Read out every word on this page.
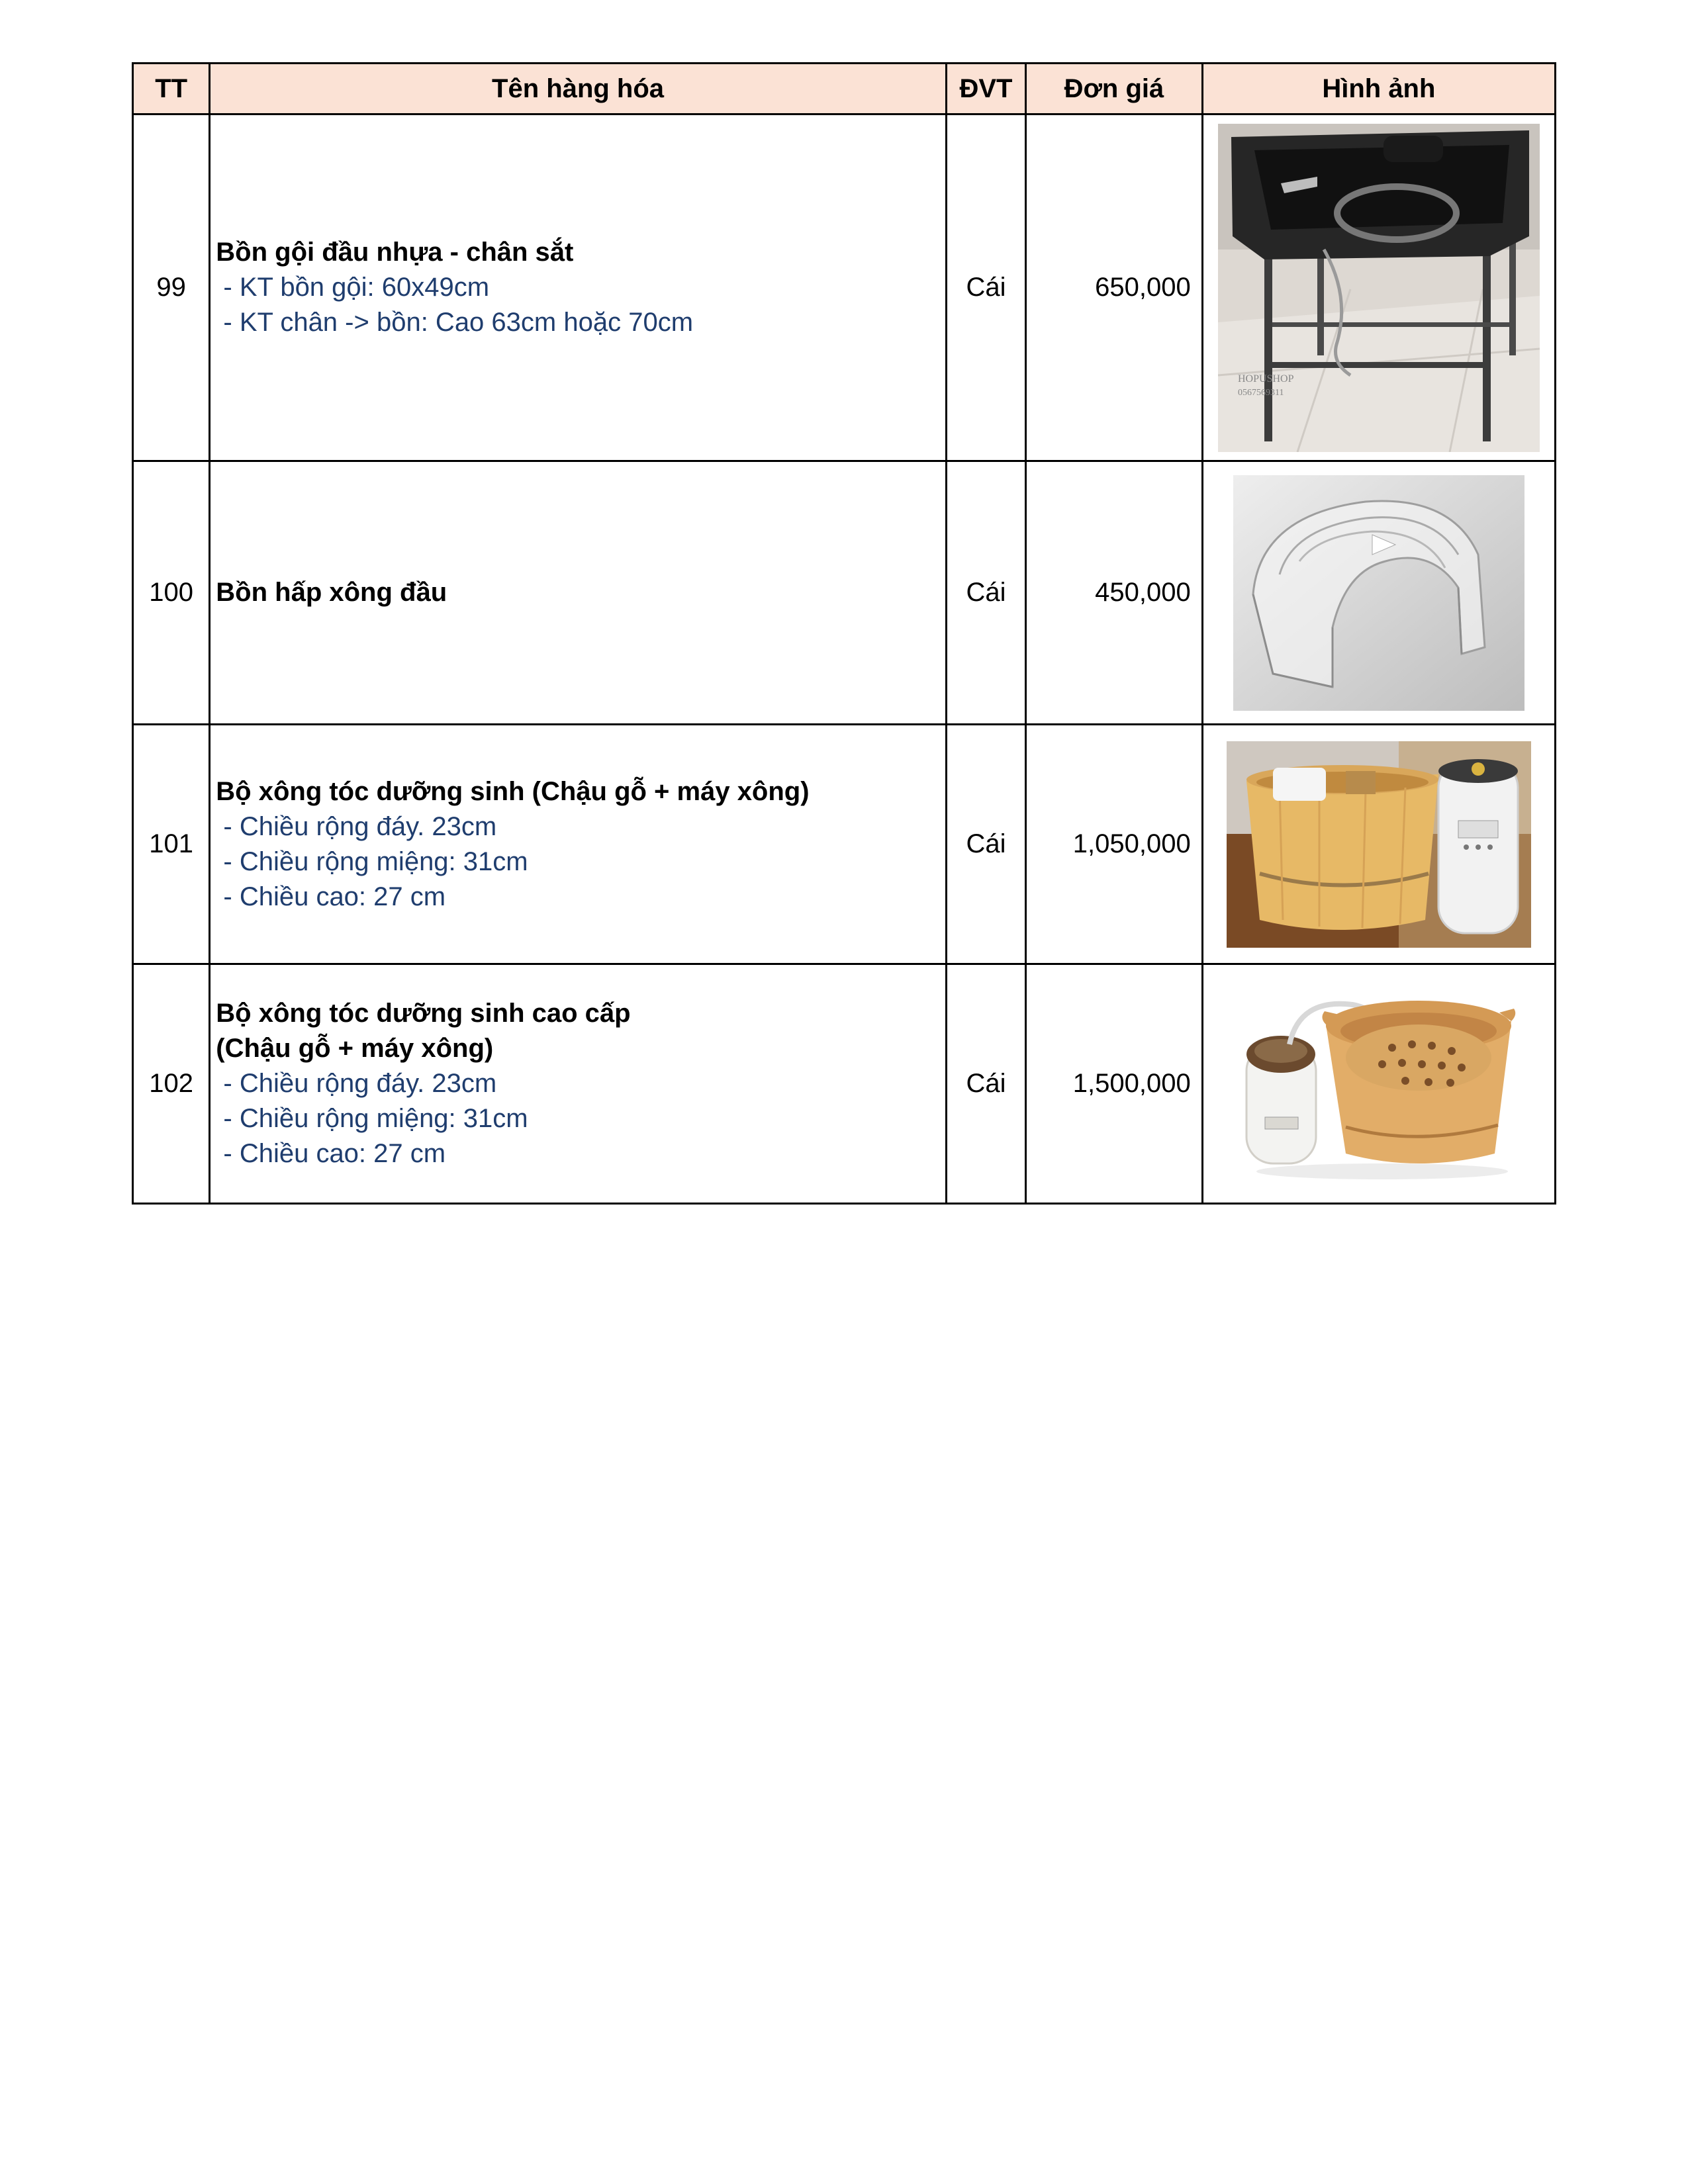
TT	Tên hàng hóa	ĐVT	Đơn giá	Hình ảnh
99	Bồn gội đầu nhựa - chân sắt
- KT bồn gội: 60x49cm
- KT chân -> bồn: Cao 63cm hoặc 70cm	Cái	650,000	HOPUSHOP
0567569311

100	Bồn hấp xông đầu	Cái	450,000	

101	Bộ xông tóc dưỡng sinh (Chậu gỗ + máy xông)
- Chiều rộng đáy. 23cm
- Chiều rộng miệng: 31cm
- Chiều cao: 27 cm	Cái	1,050,000	

102	Bộ xông tóc dưỡng sinh cao cấp
(Chậu gỗ + máy xông)
- Chiều rộng đáy. 23cm
- Chiều rộng miệng: 31cm
- Chiều cao: 27 cm	Cái	1,500,000	
